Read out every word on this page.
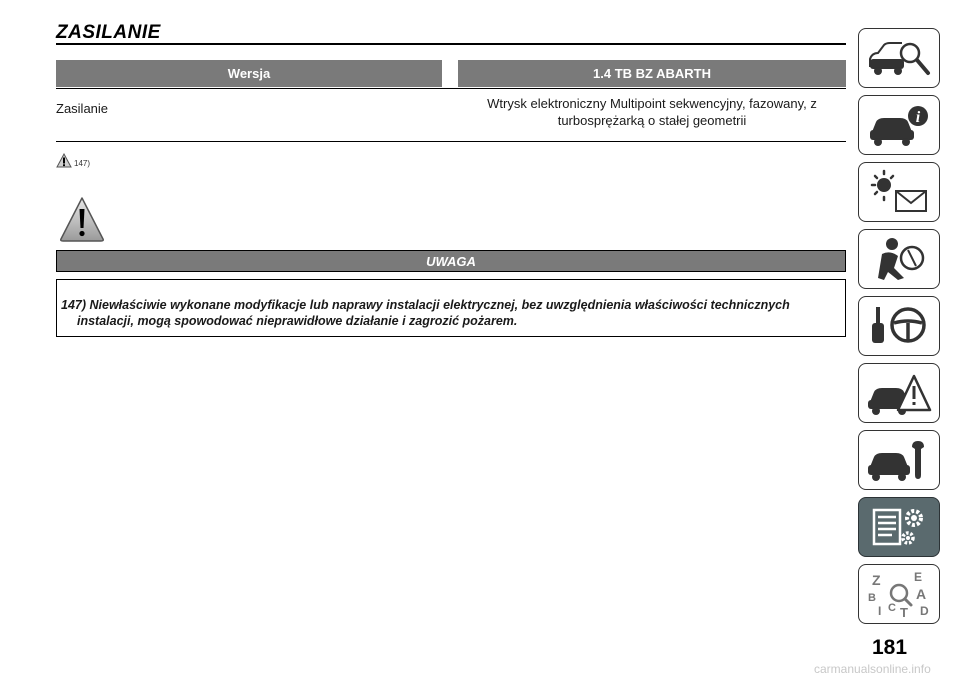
ZASILANIE
Wersja	1.4 TB BZ ABARTH
Zasilanie	Wtrysk elektroniczny Multipoint sekwencyjny, fazowany, z turbosprężarką o stałej geometrii
147)
UWAGA
147) Niewłaściwie wykonane modyfikacje lub naprawy instalacji elektrycznej, bez uwzględnienia właściwości technicznych instalacji, mogą spowodować nieprawidłowe działanie i zagrozić pożarem.
i
Z	E
B	A
I C T D
181
carmanualsonline.info
